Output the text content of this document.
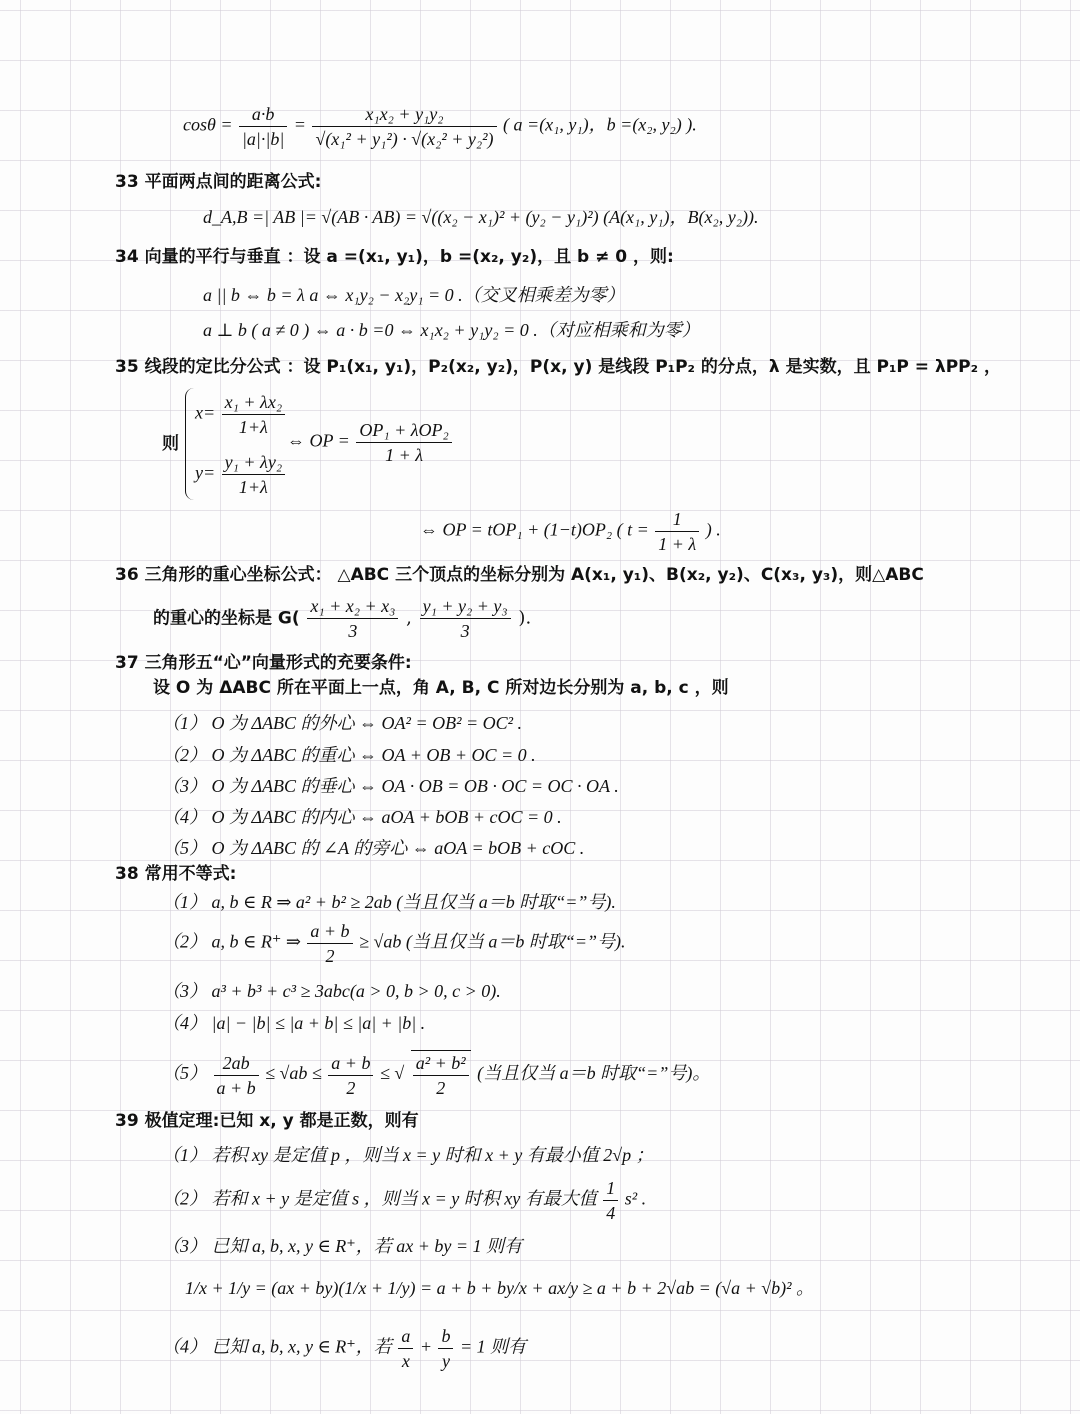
$\cos\theta = \frac{a\cdot b}{|a|\cdot|b|} = \frac{\text{x₁x₂ + y₁y₂}}{\text{√(x₁² + y₁²) · √(x₂² + y₂²)}}$ ( a =(x₁, y₁)，b =(x₂, y₂) ).
33 平面两点间的距离公式:
d_A,B =| AB |= √(AB · AB) = √((x₂ − x₁)² + (y₂ − y₁)²) (A(x₁, y₁)，B(x₂, y₂)).
34 向量的平行与垂直 ：设 a =(x₁, y₁)，b =(x₂, y₂)，且 b ≠ 0 ，则:
a || b ⇔ b = λ a ⇔ x₁y₂ − x₂y₁ = 0 .（交叉相乘差为零）
a ⊥ b ( a ≠ 0 ) ⇔ a · b =0 ⇔ x₁x₂ + y₁y₂ = 0 .（对应相乘和为零）
35 线段的定比分公式 ：设 P₁(x₁, y₁)，P₂(x₂, y₂)，P(x, y) 是线段 P₁P₂ 的分点，λ 是实数，且 P₁P = λPP₂ ，
则
$x= \frac{\text{x₁ + λx₂}}{1+\lambda}$
$y= \frac{\text{y₁ + λy₂}}{1+\lambda}$
⇔ OP = $\frac{\text{OP₁ + λOP₂}}{1 + \lambda}$
⇔ OP = tOP₁ + (1−t)OP₂ ( $t = \frac{1}{1 + \lambda}$ ) .
36 三角形的重心坐标公式： △ABC 三个顶点的坐标分别为 A(x₁, y₁)、B(x₂, y₂)、C(x₃, y₃)，则△ABC
的重心的坐标是 $G( \frac{\text{x₁ + x₂ + x₃}}{3}$ , $\frac{\text{y₁ + y₂ + y₃}}{3}$ ).
37 三角形五“心”向量形式的充要条件:
设 O 为 ΔABC 所在平面上一点，角 A, B, C 所对边长分别为 a, b, c ，则
（1） O 为 ΔABC 的外心 ⇔ OA² = OB² = OC² .
（2） O 为 ΔABC 的重心 ⇔ OA + OB + OC = 0 .
（3） O 为 ΔABC 的垂心 ⇔ OA · OB = OB · OC = OC · OA .
（4） O 为 ΔABC 的内心 ⇔ aOA + bOB + cOC = 0 .
（5） O 为 ΔABC 的 ∠A 的旁心 ⇔ aOA = bOB + cOC .
38 常用不等式:
（1） a, b ∈ R ⇒ a² + b² ≥ 2ab (当且仅当 a＝b 时取“=”号).
（2） a, b ∈ R⁺ ⇒ $\frac{a + b}{2} \ge √ab$ (当且仅当 a＝b 时取“=”号).
（3） a³ + b³ + c³ ≥ 3abc(a > 0, b > 0, c > 0).
（4） |a| − |b| ≤ |a + b| ≤ |a| + |b| .
$(5) \frac{2ab}{a + b} \le √ab \le \frac{a + b}{2}$ ≤ √ $\frac{\text{a² + b²}}{2}$ (当且仅当 a＝b 时取“=”号)。
39 极值定理:已知 x, y 都是正数，则有
（1） 若积 xy 是定值 p ，则当 x = y 时和 x + y 有最小值 2√p ；
（2） 若和 x + y 是定值 s ，则当 x = y 时积 xy 有最大值 $\frac{1}{4} s^2$ .
（3） 已知 a, b, x, y ∈ R⁺，若 ax + by = 1 则有
1/x + 1/y = (ax + by)(1/x + 1/y) = a + b + by/x + ax/y ≥ a + b + 2√ab = (√a + √b)² 。
（4） 已知 a, b, x, y ∈ R⁺，若 $\frac{a}{x} + \frac{b}{y} = 1$ 则有
